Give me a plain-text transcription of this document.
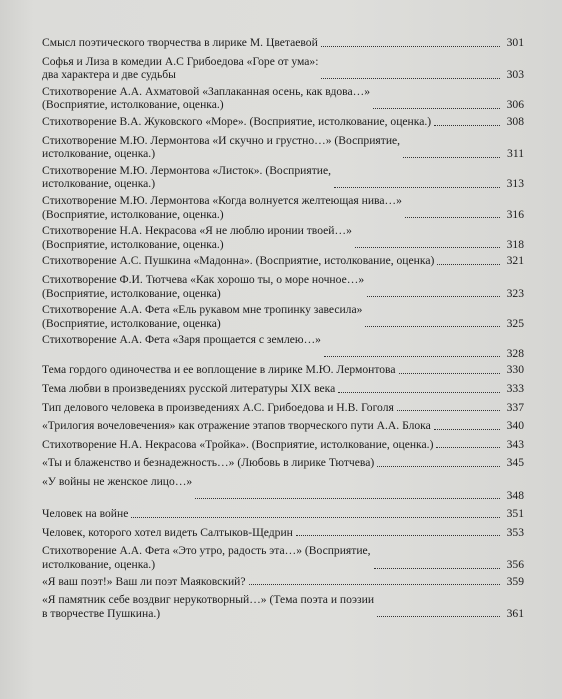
Смысл поэтического творчества в лирике М. Цветаевой	301
Софья и Лиза в комедии А.С Грибоедова «Горе от ума»:
два характера и две судьбы	303
Стихотворение А.А. Ахматовой «Заплаканная осень, как вдова…»
(Восприятие, истолкование, оценка.)	306
Стихотворение В.А. Жуковского «Море». (Восприятие, истолкование, оценка.)	308
Стихотворение М.Ю. Лермонтова «И скучно и грустно…» (Восприятие,
истолкование, оценка.)	311
Стихотворение М.Ю. Лермонтова «Листок». (Восприятие,
истолкование, оценка.)	313
Стихотворение М.Ю. Лермонтова «Когда волнуется желтеющая нива…»
(Восприятие, истолкование, оценка.)	316
Стихотворение Н.А. Некрасова «Я не люблю иронии твоей…»
(Восприятие, истолкование, оценка.)	318
Стихотворение А.С. Пушкина «Мадонна». (Восприятие, истолкование, оценка)	321
Стихотворение Ф.И. Тютчева «Как хорошо ты, о море ночное…»
(Восприятие, истолкование, оценка)	323
Стихотворение А.А. Фета «Ель рукавом мне тропинку завесила»
(Восприятие, истолкование, оценка)	325
Стихотворение А.А. Фета «Заря прощается с землею…»

328
Тема гордого одиночества и ее воплощение в лирике М.Ю. Лермонтова	330
Тема любви в произведениях русской литературы XIX века	333
Тип делового человека в произведениях А.С. Грибоедова и Н.В. Гоголя	337
«Трилогия вочеловечения» как отражение этапов творческого пути А.А. Блока	340
Стихотворение Н.А. Некрасова «Тройка». (Восприятие, истолкование, оценка.)	343
«Ты и блаженство и безнадежность…» (Любовь в лирике Тютчева)	345
«У войны не женское лицо…»

348
Человек на войне	351
Человек, которого хотел видеть Салтыков-Щедрин	353
Стихотворение А.А. Фета «Это утро, радость эта…» (Восприятие,
истолкование, оценка.)	356
«Я ваш поэт!» Ваш ли поэт Маяковский?	359
«Я памятник себе воздвиг нерукотворный…» (Тема поэта и поэзии
в творчестве Пушкина.)	361
